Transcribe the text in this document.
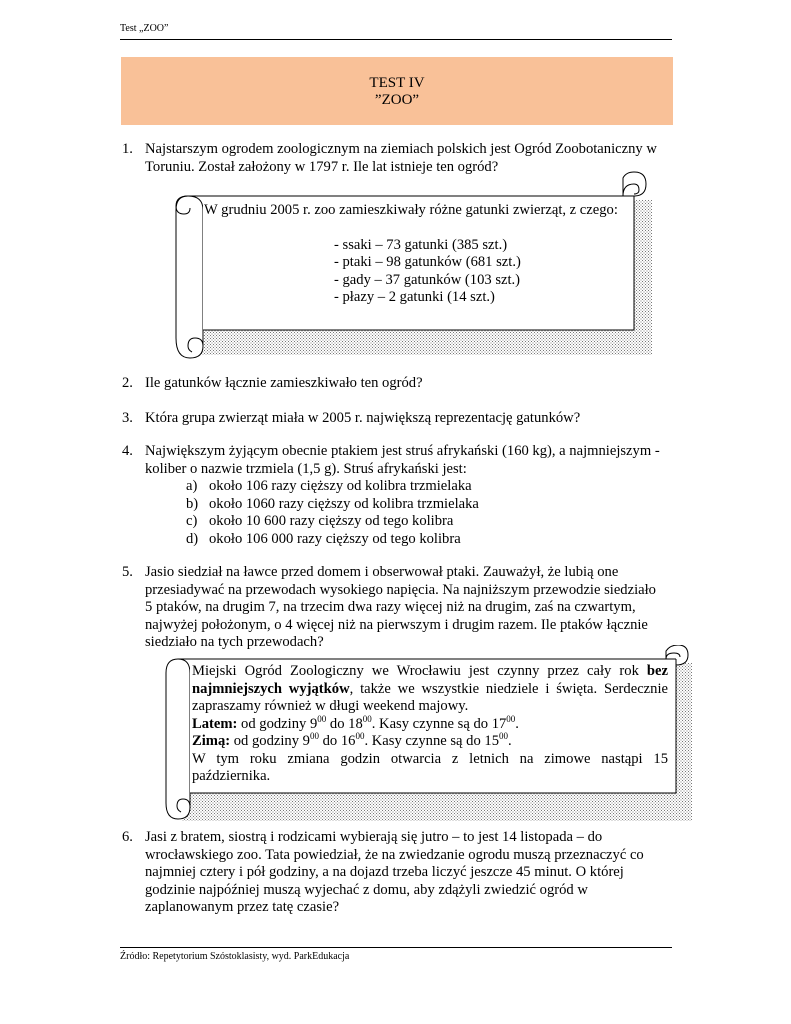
Test „ZOO”
TEST IV
”ZOO”
1. Najstarszym ogrodem zoologicznym na ziemiach polskich jest Ogród Zoobotaniczny w Toruniu. Został założony w 1797 r. Ile lat istnieje ten ogród?
W grudniu 2005 r. zoo zamieszkiwały różne gatunki zwierząt, z czego:
- ssaki – 73 gatunki (385 szt.)
- ptaki – 98 gatunków (681 szt.)
- gady – 37 gatunków (103 szt.)
- płazy – 2 gatunki (14 szt.)
2. Ile gatunków łącznie zamieszkiwało ten ogród?
3. Która grupa zwierząt miała w 2005 r. największą reprezentację gatunków?
4. Największym żyjącym obecnie ptakiem jest struś afrykański (160 kg), a najmniejszym - koliber o nazwie trzmiela (1,5 g). Struś afrykański jest:
a) około 106 razy cięższy od kolibra trzmielaka
b) około 1060 razy cięższy od kolibra trzmielaka
c) około 10 600 razy cięższy od tego kolibra
d) około 106 000 razy cięższy od tego kolibra
5. Jasio siedział na ławce przed domem i obserwował ptaki. Zauważył, że lubią one przesiadywać na przewodach wysokiego napięcia. Na najniższym przewodzie siedziało 5 ptaków, na drugim 7, na trzecim dwa razy więcej niż na drugim, zaś na czwartym, najwyżej położonym, o 4 więcej niż na pierwszym i drugim razem. Ile ptaków łącznie siedziało na tych przewodach?
Miejski Ogród Zoologiczny we Wrocławiu jest czynny przez cały rok bez najmniejszych wyjątków, także we wszystkie niedziele i święta. Serdecznie zapraszamy również w długi weekend majowy.
Latem: od godziny $9^{00}$ do $18^{00}$. Kasy czynne są do $17^{00}$.
Zimą: od godziny $9^{00}$ do $16^{00}$. Kasy czynne są do $15^{00}$.
W tym roku zmiana godzin otwarcia z letnich na zimowe nastąpi 15 października.
6. Jasi z bratem, siostrą i rodzicami wybierają się jutro – to jest 14 listopada – do wrocławskiego zoo. Tata powiedział, że na zwiedzanie ogrodu muszą przeznaczyć co najmniej cztery i pół godziny, a na dojazd trzeba liczyć jeszcze 45 minut. O której godzinie najpóźniej muszą wyjechać z domu, aby zdążyli zwiedzić ogród w zaplanowanym przez tatę czasie?
Źródło: Repetytorium Szóstoklasisty, wyd. ParkEdukacja
